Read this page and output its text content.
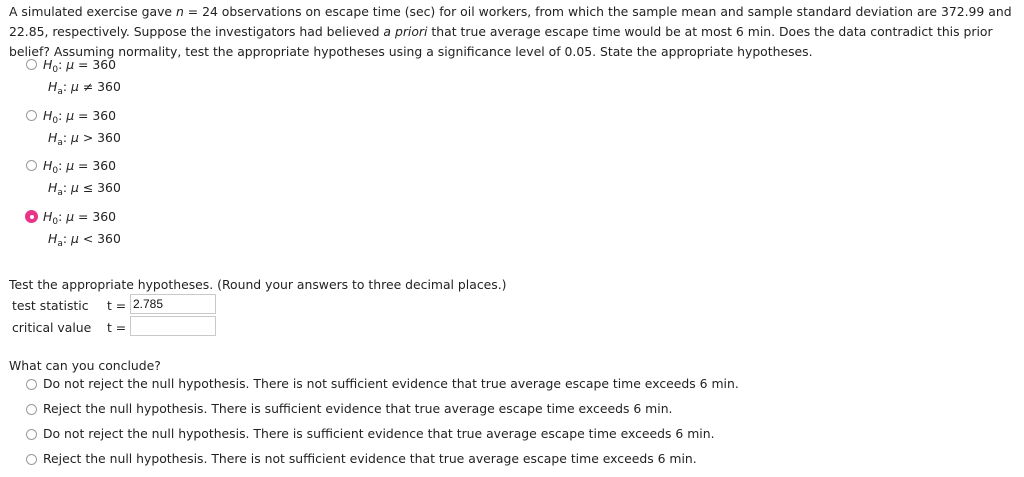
A simulated exercise gave n = 24 observations on escape time (sec) for oil workers, from which the sample mean and sample standard deviation are 372.99 and 22.85, respectively. Suppose the investigators had believed a priori that true average escape time would be at most 6 min. Does the data contradict this prior belief? Assuming normality, test the appropriate hypotheses using a significance level of 0.05. State the appropriate hypotheses.

$H_0$: μ = 360
$H_a$: μ ≠ 360
$H_0$: μ = 360
$H_a$: μ > 360
$H_0$: μ = 360
$H_a$: μ ≤ 360
$H_0$: μ = 360
$H_a$: μ < 360
Test the appropriate hypotheses. (Round your answers to three decimal places.)
test statistic t =
2.785
critical value t =
What can you conclude?
Do not reject the null hypothesis. There is not sufficient evidence that true average escape time exceeds 6 min.
Reject the null hypothesis. There is sufficient evidence that true average escape time exceeds 6 min.
Do not reject the null hypothesis. There is sufficient evidence that true average escape time exceeds 6 min.
Reject the null hypothesis. There is not sufficient evidence that true average escape time exceeds 6 min.
